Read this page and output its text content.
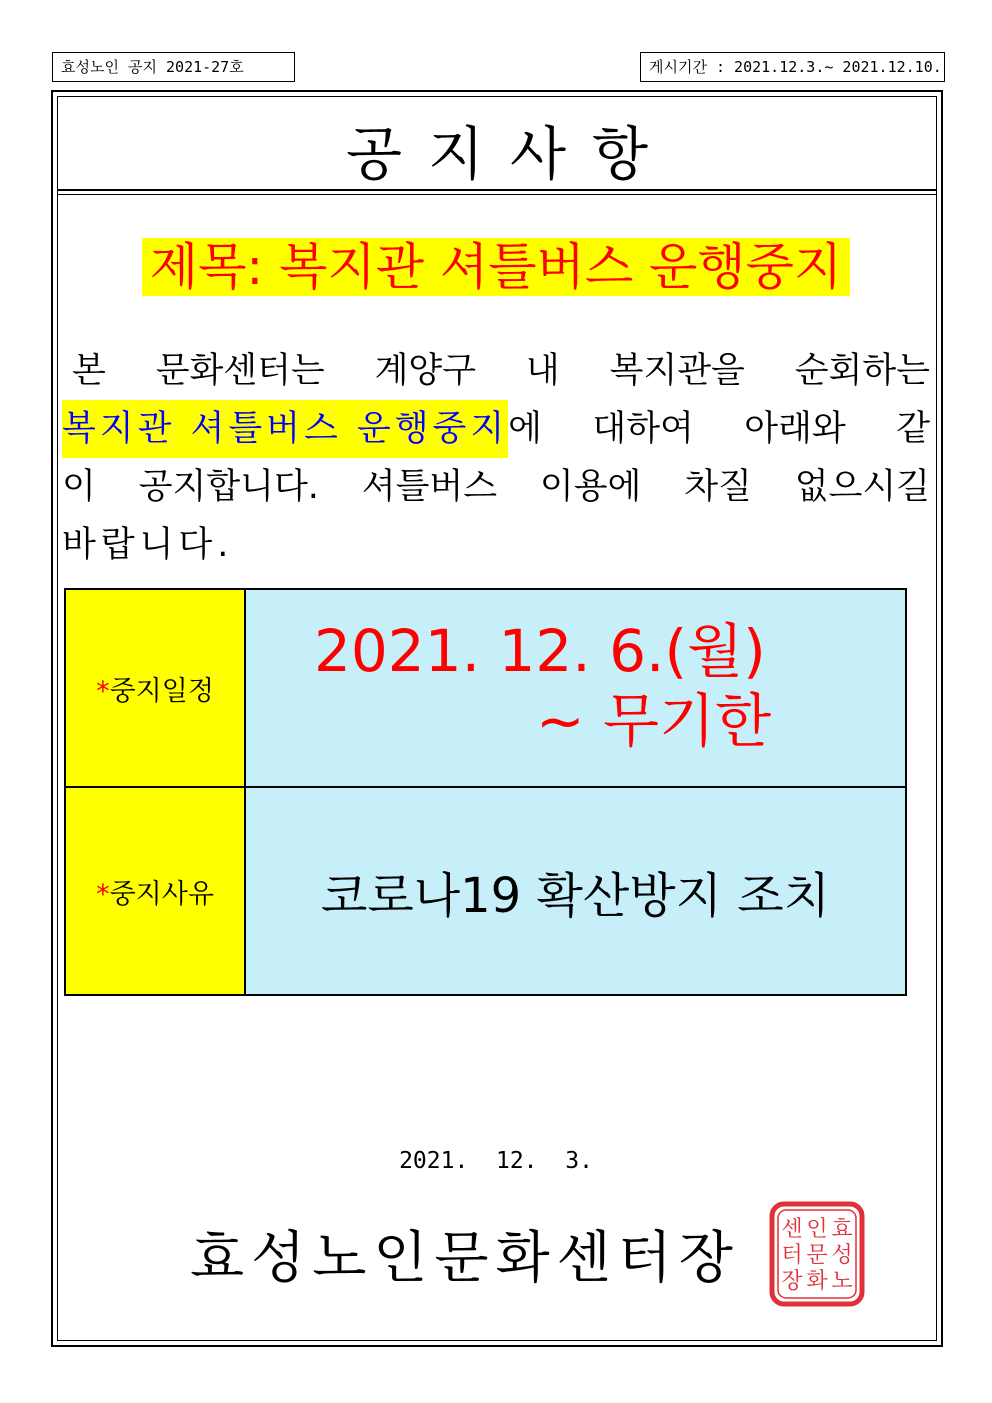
효성노인 공지 2021-27호	게시기간 : 2021.12.3.~ 2021.12.10.
공지사항
제목: 복지관 셔틀버스 운행중지
본 문화센터는 계양구 내 복지관을 순회하는
복지관 셔틀버스 운행중지 에 대하여 아래와 같
이 공지합니다. 셔틀버스 이용에 차질 없으시길
바랍니다.
*중지일정	2021. 12. 6.(월)
~ 무기한

*중지사유	코로나19 확산방지 조치
2021.  12.  3.
효성노인문화센터장	효
성
노
인
문
화
센
터
장
